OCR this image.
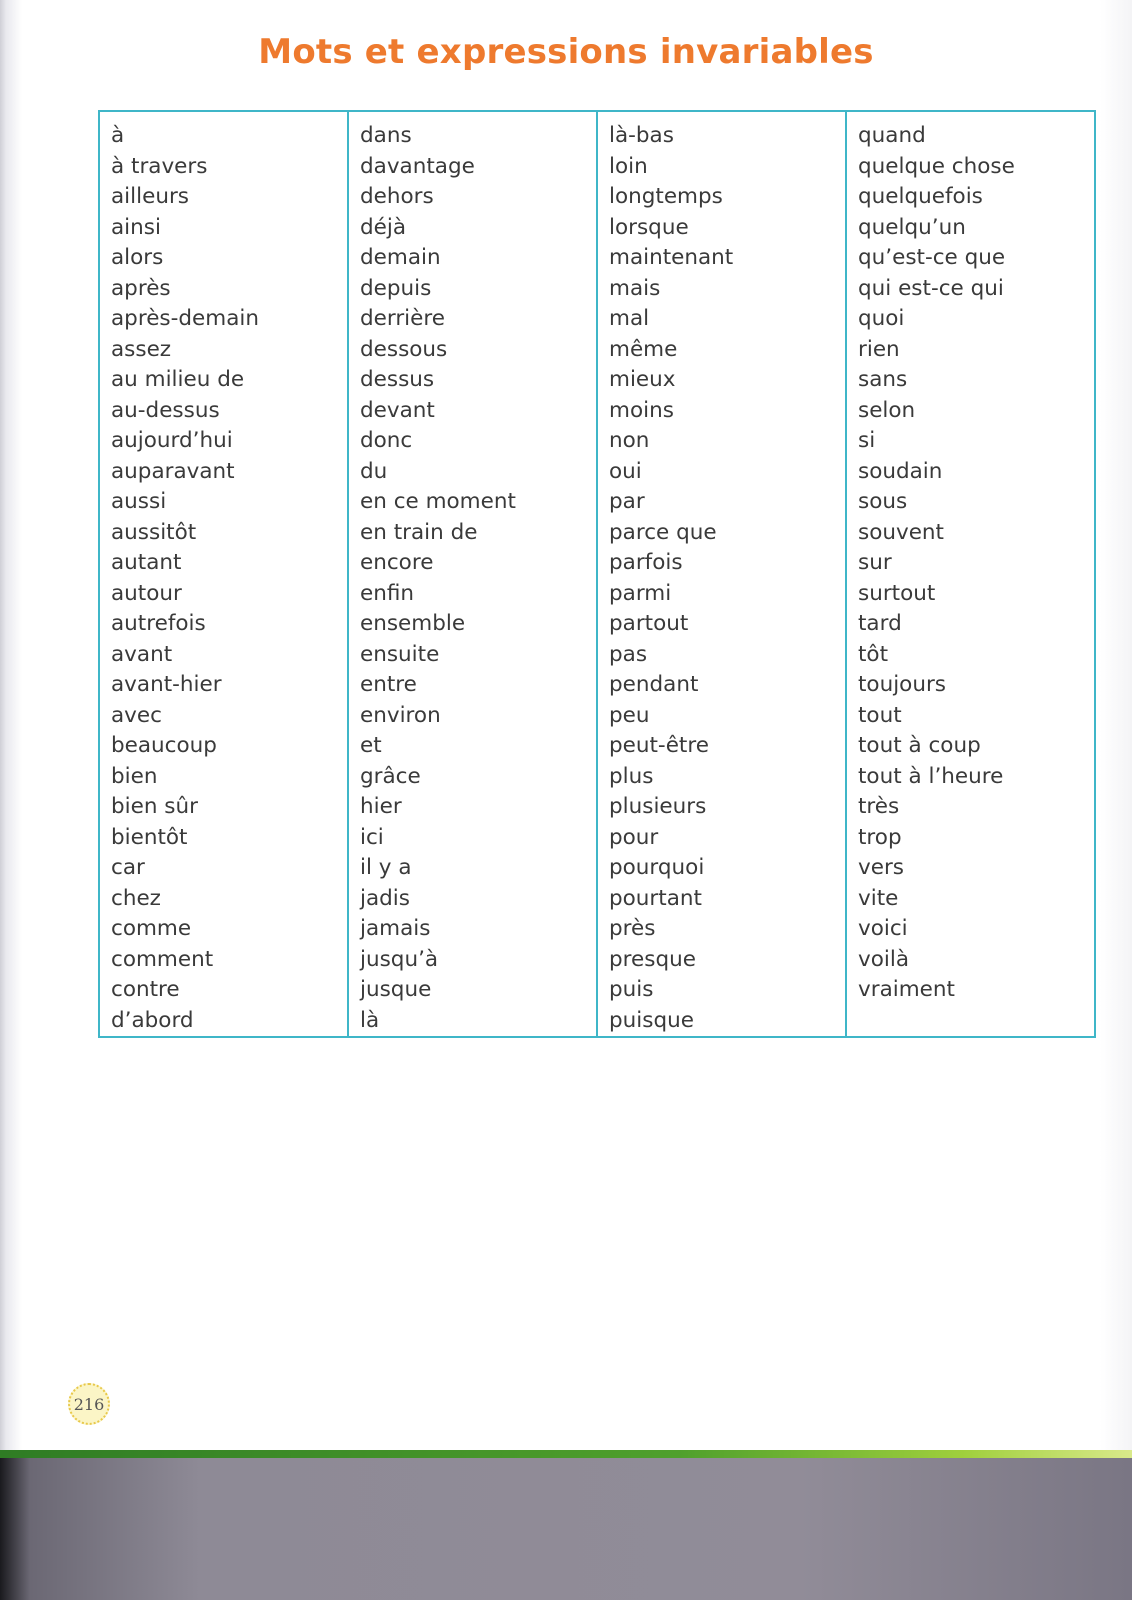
Mots et expressions invariables
à
à travers
ailleurs
ainsi
alors
après
après-demain
assez
au milieu de
au-dessus
aujourd’hui
auparavant
aussi
aussitôt
autant
autour
autrefois
avant
avant-hier
avec
beaucoup
bien
bien sûr
bientôt
car
chez
comme
comment
contre
d’abord
dans
davantage
dehors
déjà
demain
depuis
derrière
dessous
dessus
devant
donc
du
en ce moment
en train de
encore
enfin
ensemble
ensuite
entre
environ
et
grâce
hier
ici
il y a
jadis
jamais
jusqu’à
jusque
là
là-bas
loin
longtemps
lorsque
maintenant
mais
mal
même
mieux
moins
non
oui
par
parce que
parfois
parmi
partout
pas
pendant
peu
peut-être
plus
plusieurs
pour
pourquoi
pourtant
près
presque
puis
puisque
quand
quelque chose
quelquefois
quelqu’un
qu’est-ce que
qui est-ce qui
quoi
rien
sans
selon
si
soudain
sous
souvent
sur
surtout
tard
tôt
toujours
tout
tout à coup
tout à l’heure
très
trop
vers
vite
voici
voilà
vraiment
216
